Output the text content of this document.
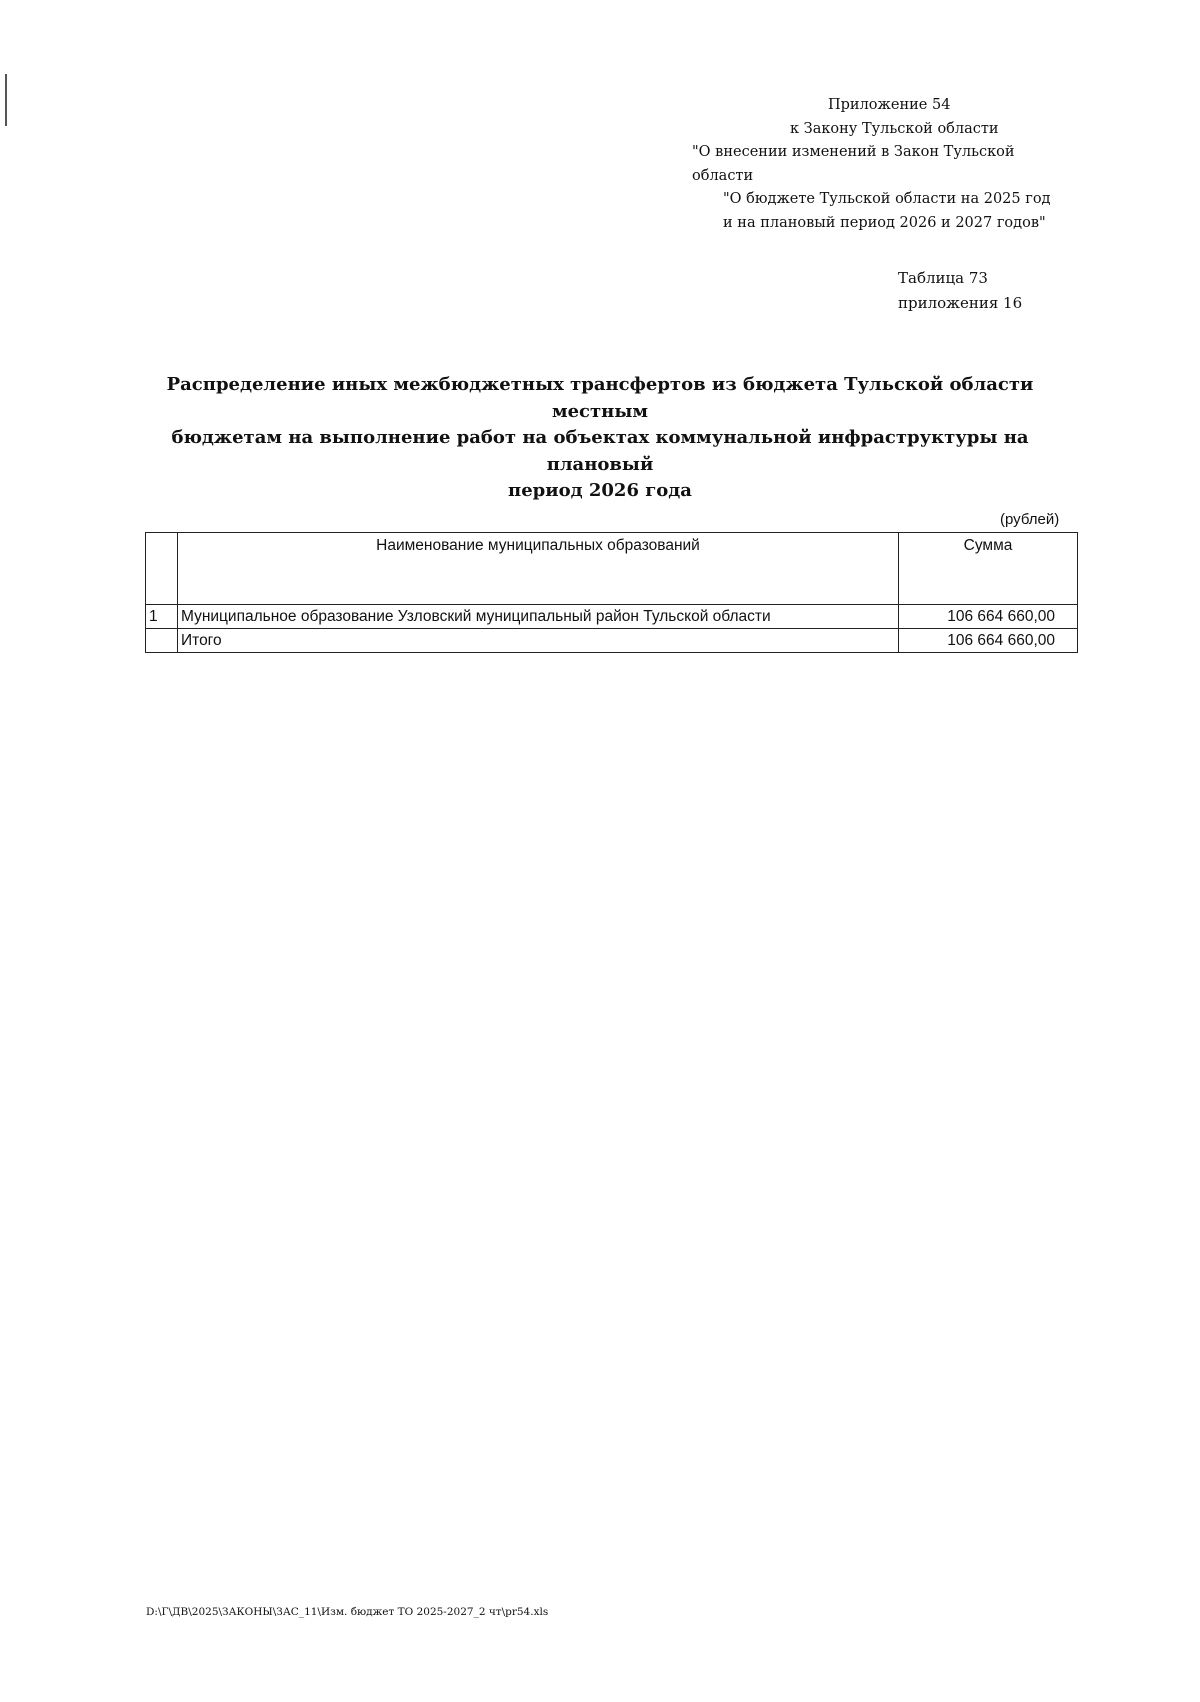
Приложение 54
к Закону Тульской области
"О внесении изменений в Закон Тульской области
"О бюджете Тульской области на 2025 год
и на плановый период 2026 и 2027 годов"
Таблица 73
приложения 16
Распределение иных межбюджетных трансфертов из бюджета Тульской области местным
бюджетам на выполнение работ на объектах коммунальной инфраструктуры на плановый
период 2026 года
(рублей)
	Наименование муниципальных образований	Сумма
1	Муниципальное образование Узловский муниципальный район Тульской области	106 664 660,00
	Итого	106 664 660,00
D:\Г\ДВ\2025\ЗАКОНЫ\ЗАС_11\Изм. бюджет ТО 2025-2027_2 чт\pr54.xls
